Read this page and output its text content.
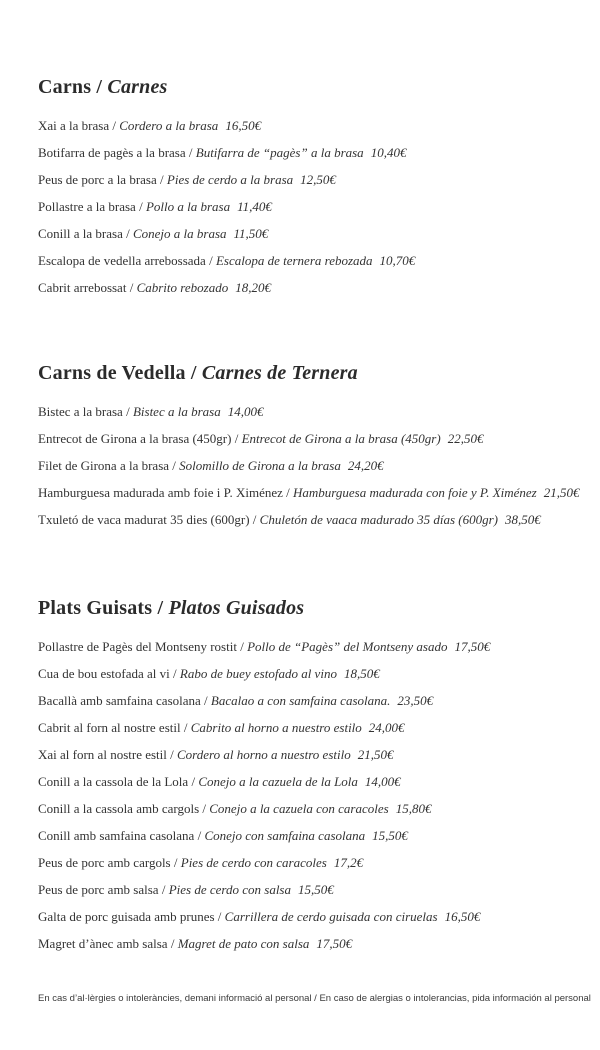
Carns / Carnes
Xai a la brasa / Cordero a la brasa 16,50€
Botifarra de pagès a la brasa / Butifarra de “pagès” a la brasa 10,40€
Peus de porc a la brasa / Pies de cerdo a la brasa 12,50€
Pollastre a la brasa / Pollo a la brasa 11,40€
Conill a la brasa / Conejo a la brasa 11,50€
Escalopa de vedella arrebossada / Escalopa de ternera rebozada 10,70€
Cabrit arrebossat / Cabrito rebozado 18,20€
Carns de Vedella / Carnes de Ternera
Bistec a la brasa / Bistec a la brasa 14,00€
Entrecot de Girona a la brasa (450gr) / Entrecot de Girona a la brasa (450gr) 22,50€
Filet de Girona a la brasa / Solomillo de Girona a la brasa 24,20€
Hamburguesa madurada amb foie i P. Ximénez / Hamburguesa madurada con foie y P. Ximénez 21,50€
Txuletó de vaca madurat 35 dies (600gr) / Chuletón de vaaca madurado 35 días (600gr) 38,50€
Plats Guisats / Platos Guisados
Pollastre de Pagès del Montseny rostit / Pollo de “Pagès” del Montseny asado 17,50€
Cua de bou estofada al vi / Rabo de buey estofado al vino 18,50€
Bacallà amb samfaina casolana / Bacalao a con samfaina casolana. 23,50€
Cabrit al forn al nostre estil / Cabrito al horno a nuestro estilo 24,00€
Xai al forn al nostre estil / Cordero al horno a nuestro estilo 21,50€
Conill a la cassola de la Lola / Conejo a la cazuela de la Lola 14,00€
Conill a la cassola amb cargols / Conejo a la cazuela con caracoles 15,80€
Conill amb samfaina casolana / Conejo con samfaina casolana 15,50€
Peus de porc amb cargols / Pies de cerdo con caracoles 17,2€
Peus de porc amb salsa / Pies de cerdo con salsa 15,50€
Galta de porc guisada amb prunes / Carrillera de cerdo guisada con ciruelas 16,50€
Magret d’ànec amb salsa / Magret de pato con salsa 17,50€
En cas d’al·lèrgies o intoleràncies, demani informació al personal / En caso de alergias o intolerancias, pida información al personal
